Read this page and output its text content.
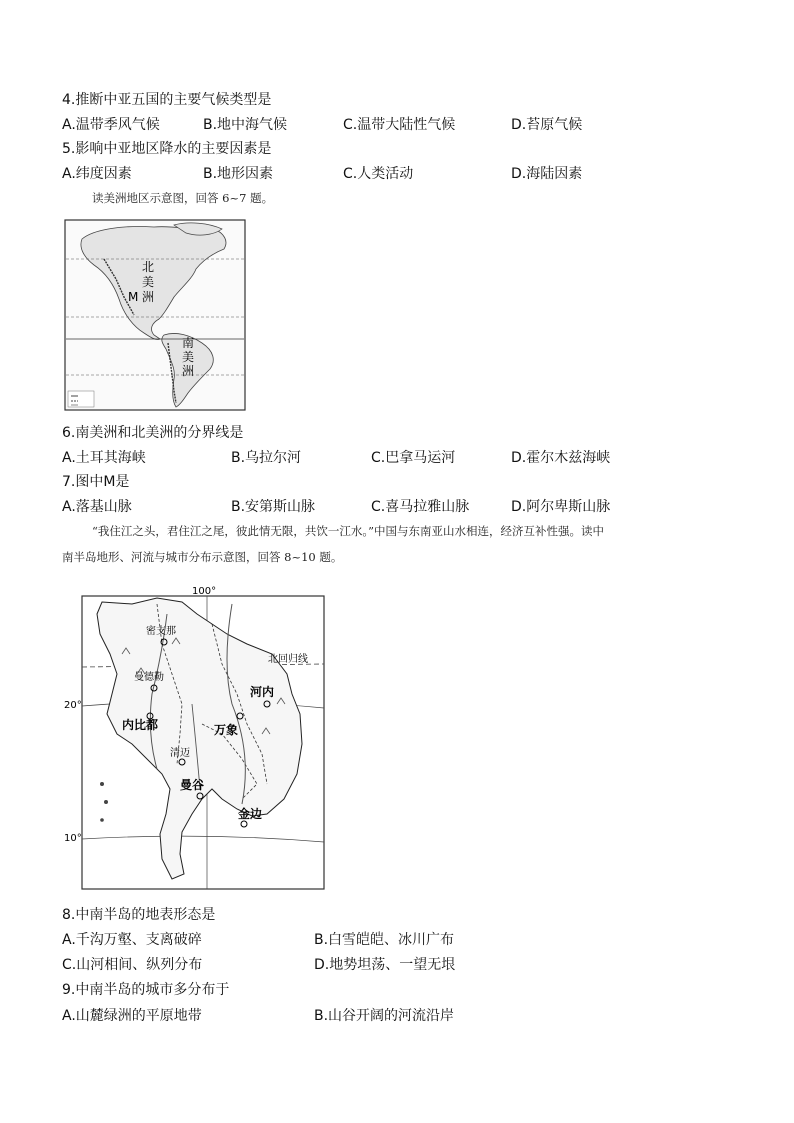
4.推断中亚五国的主要气候类型是
A.温带季风气候	B.地中海气候	C.温带大陆性气候	D.苔原气候
5.影响中亚地区降水的主要因素是
A.纬度因素	B.地形因素	C.人类活动	D.海陆因素
读美洲地区示意图，回答 6~7 题。
北
美
洲
M
南
美
洲
6.南美洲和北美洲的分界线是
A.土耳其海峡	B.乌拉尔河	C.巴拿马运河	D.霍尔木兹海峡
7.图中M是
A.落基山脉	B.安第斯山脉	C.喜马拉雅山脉	D.阿尔卑斯山脉
“我住江之头，君住江之尾，彼此情无限，共饮一江水。”中国与东南亚山水相连，经济互补性强。读中
南半岛地形、河流与城市分布示意图，回答 8~10 题。
100°
20°
10°
北回归线
密支那
曼德勒
内比都
河内
万象
清迈
曼谷
金边
8.中南半岛的地表形态是
A.千沟万壑、支离破碎	B.白雪皑皑、冰川广布
C.山河相间、纵列分布	D.地势坦荡、一望无垠
9.中南半岛的城市多分布于
A.山麓绿洲的平原地带	B.山谷开阔的河流沿岸
